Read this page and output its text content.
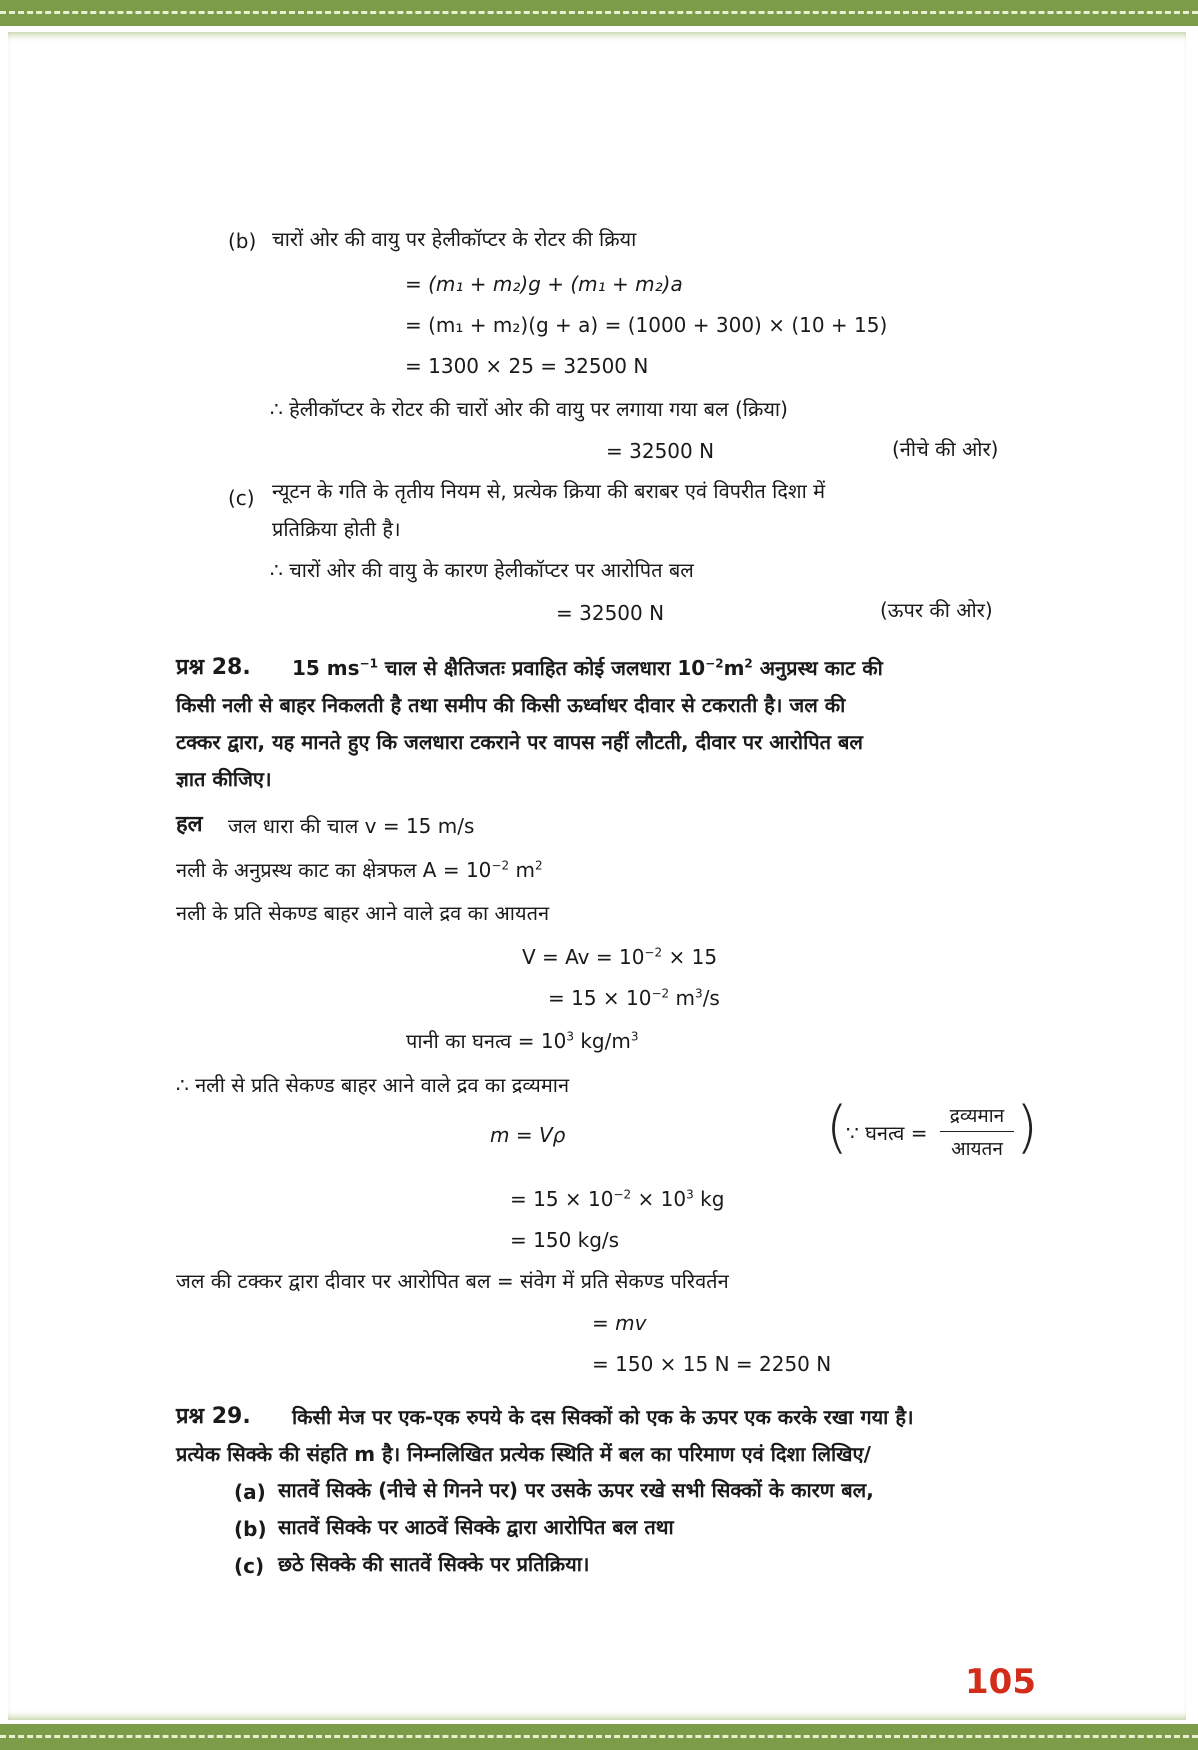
(b) चारों ओर की वायु पर हेलीकॉप्टर के रोटर की क्रिया
= (m₁ + m₂)g + (m₁ + m₂)a
= (m₁ + m₂)(g + a) = (1000 + 300) × (10 + 15)
= 1300 × 25 = 32500 N
∴ हेलीकॉप्टर के रोटर की चारों ओर की वायु पर लगाया गया बल (क्रिया)
= 32500 N	(नीचे की ओर)
(c) न्यूटन के गति के तृतीय नियम से, प्रत्येक क्रिया की बराबर एवं विपरीत दिशा में
प्रतिक्रिया होती है।
∴ चारों ओर की वायु के कारण हेलीकॉप्टर पर आरोपित बल
= 32500 N	(ऊपर की ओर)
प्रश्न 28. 15 $ms^{-1}$ चाल से क्षैतिजतः प्रवाहित कोई जलधारा $10^{-2}m^2$ अनुप्रस्थ काट की
किसी नली से बाहर निकलती है तथा समीप की किसी ऊर्ध्वाधर दीवार से टकराती है। जल की
टक्कर द्वारा, यह मानते हुए कि जलधारा टकराने पर वापस नहीं लौटती, दीवार पर आरोपित बल
ज्ञात कीजिए।
हल जल धारा की चाल v = 15 m/s
नली के अनुप्रस्थ काट का क्षेत्रफल $A = 10^{-2}$ $m^2$
नली के प्रति सेकण्ड बाहर आने वाले द्रव का आयतन
$V = Av = 10^{-2} \times 15$
= $15 \times 10^{-2}$ $m^3/s$
पानी का घनत्व = $10^3$ $kg/m^3$
∴ नली से प्रति सेकण्ड बाहर आने वाले द्रव का द्रव्यमान
m = Vρ	(
∵ घनत्व =
द्रव्यमान
आयतन )
= $15 \times 10^{-2} \times 10^3$ kg
= 150 kg/s
जल की टक्कर द्वारा दीवार पर आरोपित बल = संवेग में प्रति सेकण्ड परिवर्तन
= mv
= 150 × 15 N = 2250 N
प्रश्न 29. किसी मेज पर एक-एक रुपये के दस सिक्कों को एक के ऊपर एक करके रखा गया है।
प्रत्येक सिक्के की संहति m है। निम्नलिखित प्रत्येक स्थिति में बल का परिमाण एवं दिशा लिखिए/
(a) सातवें सिक्के (नीचे से गिनने पर) पर उसके ऊपर रखे सभी सिक्कों के कारण बल,
(b) सातवें सिक्के पर आठवें सिक्के द्वारा आरोपित बल तथा
(c) छठे सिक्के की सातवें सिक्के पर प्रतिक्रिया।
105
